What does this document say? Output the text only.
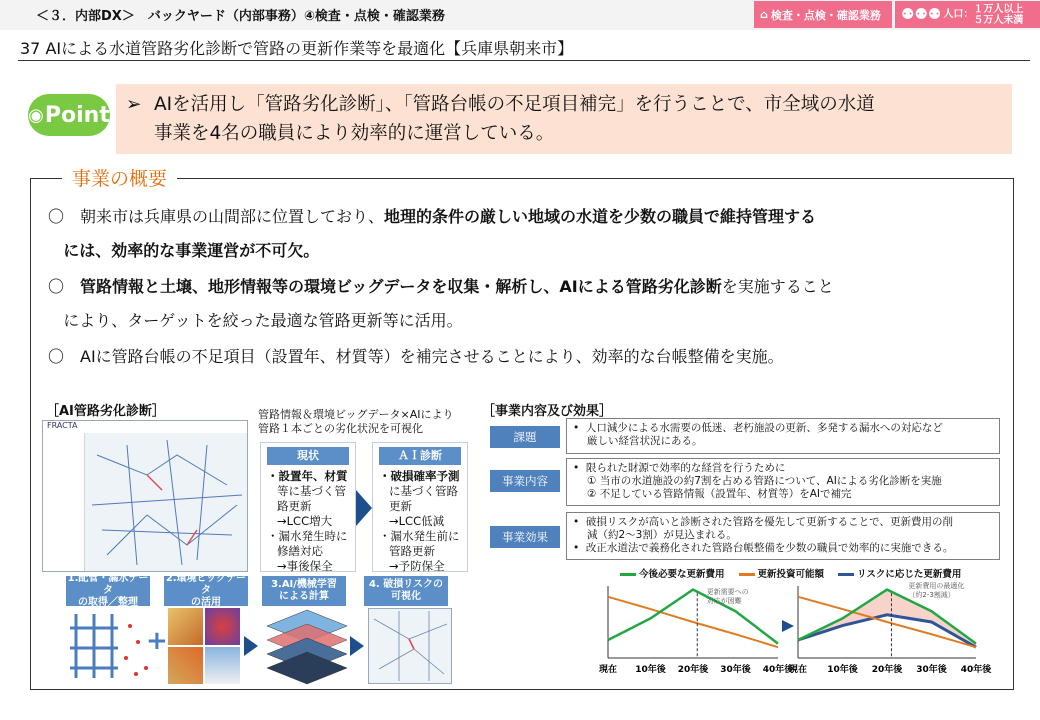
＜３．内部DX＞　バックヤード（内部事務）④検査・点検・確認業務	⌂ 検査・点検・確認業務 ⚉⚉⚉ 人口： １万人以上
５万人未満
37 AIによる水道管路劣化診断で管路の更新作業等を最適化【兵庫県朝来市】
◉ Point ➢ AIを活用し「管路劣化診断」、「管路台帳の不足項目補完」を行うことで、市全域の水道
事業を4名の職員により効率的に運営している。
事業の概要
〇　朝来市は兵庫県の山間部に位置しており、地理的条件の厳しい地域の水道を少数の職員で維持管理する
には、効率的な事業運営が不可欠。
〇　管路情報と土壌、地形情報等の環境ビッグデータを収集・解析し、AIによる管路劣化診断を実施すること
により、ターゲットを絞った最適な管路更新等に活用。
〇　AIに管路台帳の不足項目（設置年、材質等）を補完させることにより、効率的な台帳整備を実施。
［AI管路劣化診断］
FRACTA
管路情報＆環境ビッグデータ×AIにより
管路１本ごとの劣化状況を可視化
現状
・設置年、材質
等に基づく管
路更新
→LCC増大
・漏水発生時に
修繕対応
→事後保全
ＡＩ診断
・破損確率予測
に基づく管路
更新
→LCC低減
・漏水発生前に
管路更新
→予防保全
1.配管・漏水データ
の取得／整理
2.環境ビッグデータ
の活用
3.AI/機械学習
による計算
4. 破損リスクの
可視化
+
［事業内容及び効果］
課題
•  人口減少による水需要の低迷、老朽施設の更新、多発する漏水への対応など
厳しい経営状況にある。
事業内容
•  限られた財源で効率的な経営を行うために
① 当市の水道施設の約7割を占める管路について、AIによる劣化診断を実施
② 不足している管路情報（設置年、材質等）をAIで補完
事業効果
•  破損リスクが高いと診断された管路を優先して更新することで、更新費用の削
減（約2～3割）が見込まれる。
•  改正水道法で義務化された管路台帳整備を少数の職員で効率的に実施できる。
今後必要な更新費用	更新投資可能額	リスクに応じた更新費用
現在 10年後 20年後 30年後 40年後
現在 10年後 20年後 30年後 40年後
更新需要への対応が困難
更新費用の最適化（約2-3割減）
